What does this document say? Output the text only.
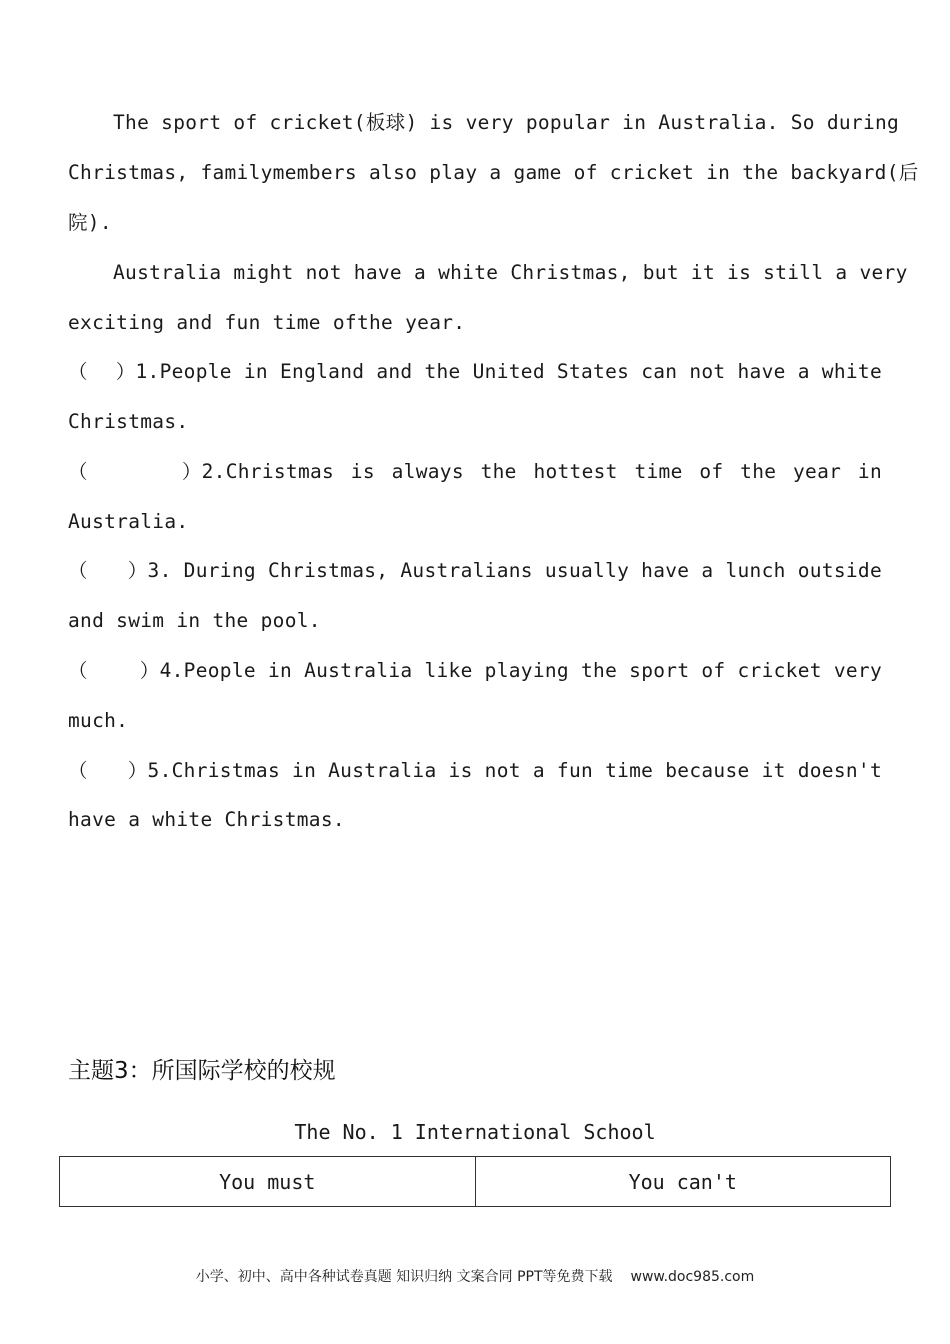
The sport of cricket(板球) is very popular in Australia. So during
Christmas, familymembers also play a game of cricket in the backyard(后
院).
Australia might not have a white Christmas, but it is still a very
exciting and fun time ofthe year.
（ ） 1.People in England and the United States can not have a white
Christmas.
（	） 2.Christmas is always the hottest time of the year in
Australia.
（ ） 3. During Christmas, Australians usually have a lunch outside
and swim in the pool.
（	） 4.People in Australia like playing the sport of cricket very
much.
（ ） 5.Christmas in Australia is not a fun time because it doesn't
have a white Christmas.
主题3：所国际学校的校规
The No. 1 International School
You must	You can't
小学、初中、高中各种试卷真题 知识归纳 文案合同 PPT等免费下载 www.doc985.com
